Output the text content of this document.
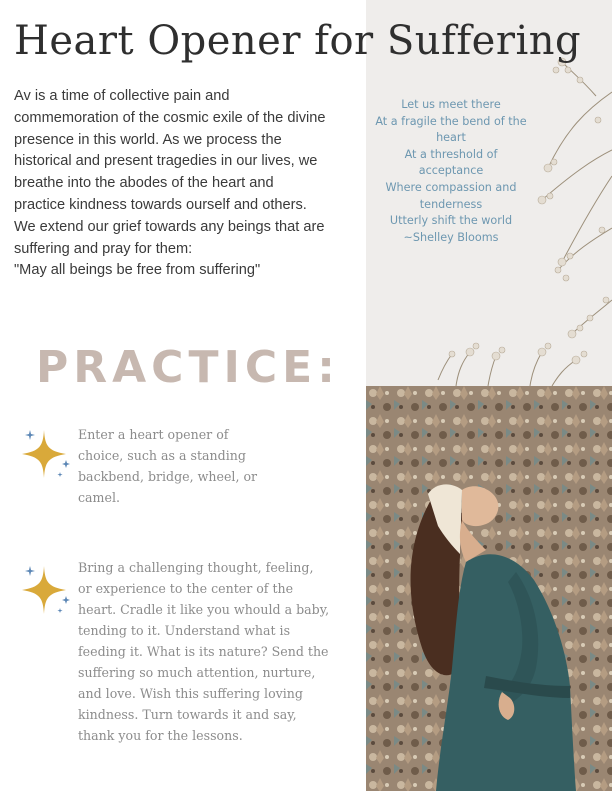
Heart Opener for Suffering

Av is a time of collective pain and
commemoration of the cosmic exile of the divine
presence in this world. As we process the
historical and present tragedies in our lives, we
breathe into the abodes of the heart and
practice kindness towards ourself and others.
We extend our grief towards any beings that are
suffering and pray for them:
"May all beings be free from suffering"

Let us meet there
At a fragile the bend of the
heart
At a threshold of
acceptance
Where compassion and
tenderness
Utterly shift the world
~Shelley Blooms
PRACTICE:
Enter a heart opener of
choice, such as a standing
backbend, bridge, wheel, or
camel.
Bring a challenging thought, feeling,
or experience to the center of the
heart. Cradle it like you whould a baby,
tending to it. Understand what is
feeding it. What is its nature? Send the
suffering so much attention, nurture,
and love. Wish this suffering loving
kindness. Turn towards it and say,
thank you for the lessons.
